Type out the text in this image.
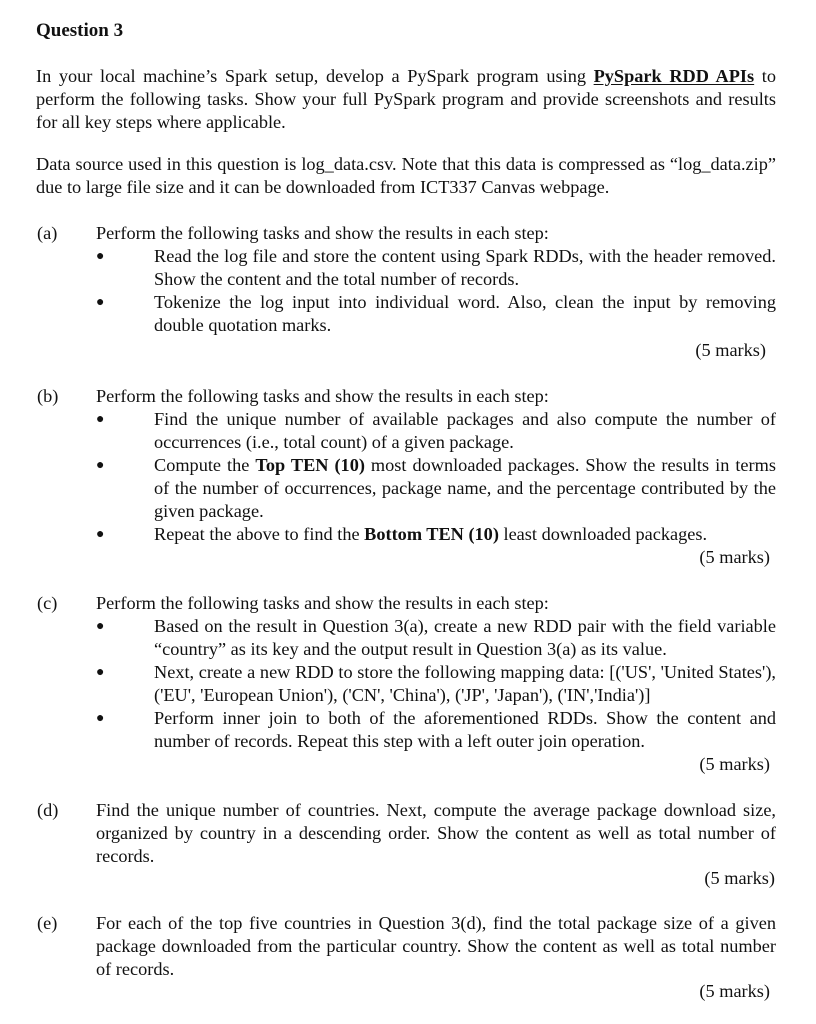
Question 3
In your local machine’s Spark setup, develop a PySpark program using PySpark RDD APIs to perform the following tasks. Show your full PySpark program and provide screenshots and results for all key steps where applicable.
Data source used in this question is log_data.csv. Note that this data is compressed as “log_data.zip” due to large file size and it can be downloaded from ICT337 Canvas webpage.
(a) Perform the following tasks and show the results in each step:
●	Read the log file and store the content using Spark RDDs, with the header removed. Show the content and the total number of records.
●	Tokenize the log input into individual word. Also, clean the input by removing double quotation marks.
(5 marks)
(b) Perform the following tasks and show the results in each step:
●	Find the unique number of available packages and also compute the number of occurrences (i.e., total count) of a given package.
●	Compute the Top TEN (10) most downloaded packages. Show the results in terms of the number of occurrences, package name, and the percentage contributed by the given package.
●	Repeat the above to find the Bottom TEN (10) least downloaded packages.
(5 marks)
(c) Perform the following tasks and show the results in each step:
●	Based on the result in Question 3(a), create a new RDD pair with the field variable “country” as its key and the output result in Question 3(a) as its value.
●	Next, create a new RDD to store the following mapping data: [('US', 'United States'), ('EU', 'European Union'), ('CN', 'China'), ('JP', 'Japan'), ('IN','India')]
●	Perform inner join to both of the aforementioned RDDs. Show the content and number of records. Repeat this step with a left outer join operation.
(5 marks)
(d) Find the unique number of countries. Next, compute the average package download size, organized by country in a descending order. Show the content as well as total number of records.
(5 marks)
(e) For each of the top five countries in Question 3(d), find the total package size of a given package downloaded from the particular country. Show the content as well as total number of records.
(5 marks)
